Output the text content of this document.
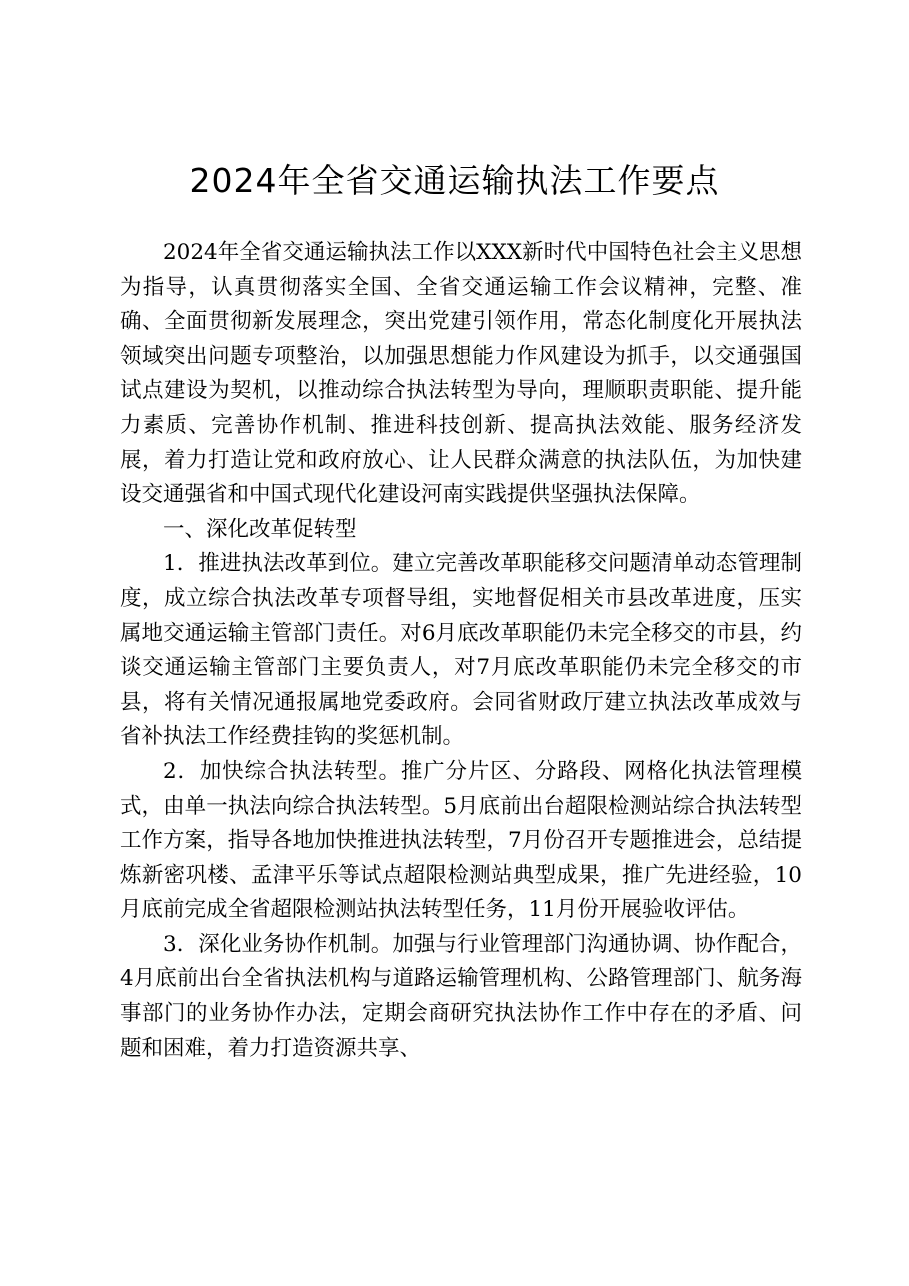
2024年全省交通运输执法工作要点

2024年全省交通运输执法工作以XXX新时代中国特色社会主义思想为指导，认真贯彻落实全国、全省交通运输工作会议精神，完整、准确、全面贯彻新发展理念，突出党建引领作用，常态化制度化开展执法领域突出问题专项整治，以加强思想能力作风建设为抓手，以交通强国试点建设为契机，以推动综合执法转型为导向，理顺职责职能、提升能力素质、完善协作机制、推进科技创新、提高执法效能、服务经济发展，着力打造让党和政府放心、让人民群众满意的执法队伍，为加快建设交通强省和中国式现代化建设河南实践提供坚强执法保障。

一、深化改革促转型

1．推进执法改革到位。建立完善改革职能移交问题清单动态管理制度，成立综合执法改革专项督导组，实地督促相关市县改革进度，压实属地交通运输主管部门责任。对6月底改革职能仍未完全移交的市县，约谈交通运输主管部门主要负责人，对7月底改革职能仍未完全移交的市县，将有关情况通报属地党委政府。会同省财政厅建立执法改革成效与省补执法工作经费挂钩的奖惩机制。

2．加快综合执法转型。推广分片区、分路段、网格化执法管理模式，由单一执法向综合执法转型。5月底前出台超限检测站综合执法转型工作方案，指导各地加快推进执法转型，7月份召开专题推进会，总结提炼新密巩楼、孟津平乐等试点超限检测站典型成果，推广先进经验，10月底前完成全省超限检测站执法转型任务，11月份开展验收评估。

3．深化业务协作机制。加强与行业管理部门沟通协调、协作配合，4月底前出台全省执法机构与道路运输管理机构、公路管理部门、航务海事部门的业务协作办法，定期会商研究执法协作工作中存在的矛盾、问题和困难，着力打造资源共享、
